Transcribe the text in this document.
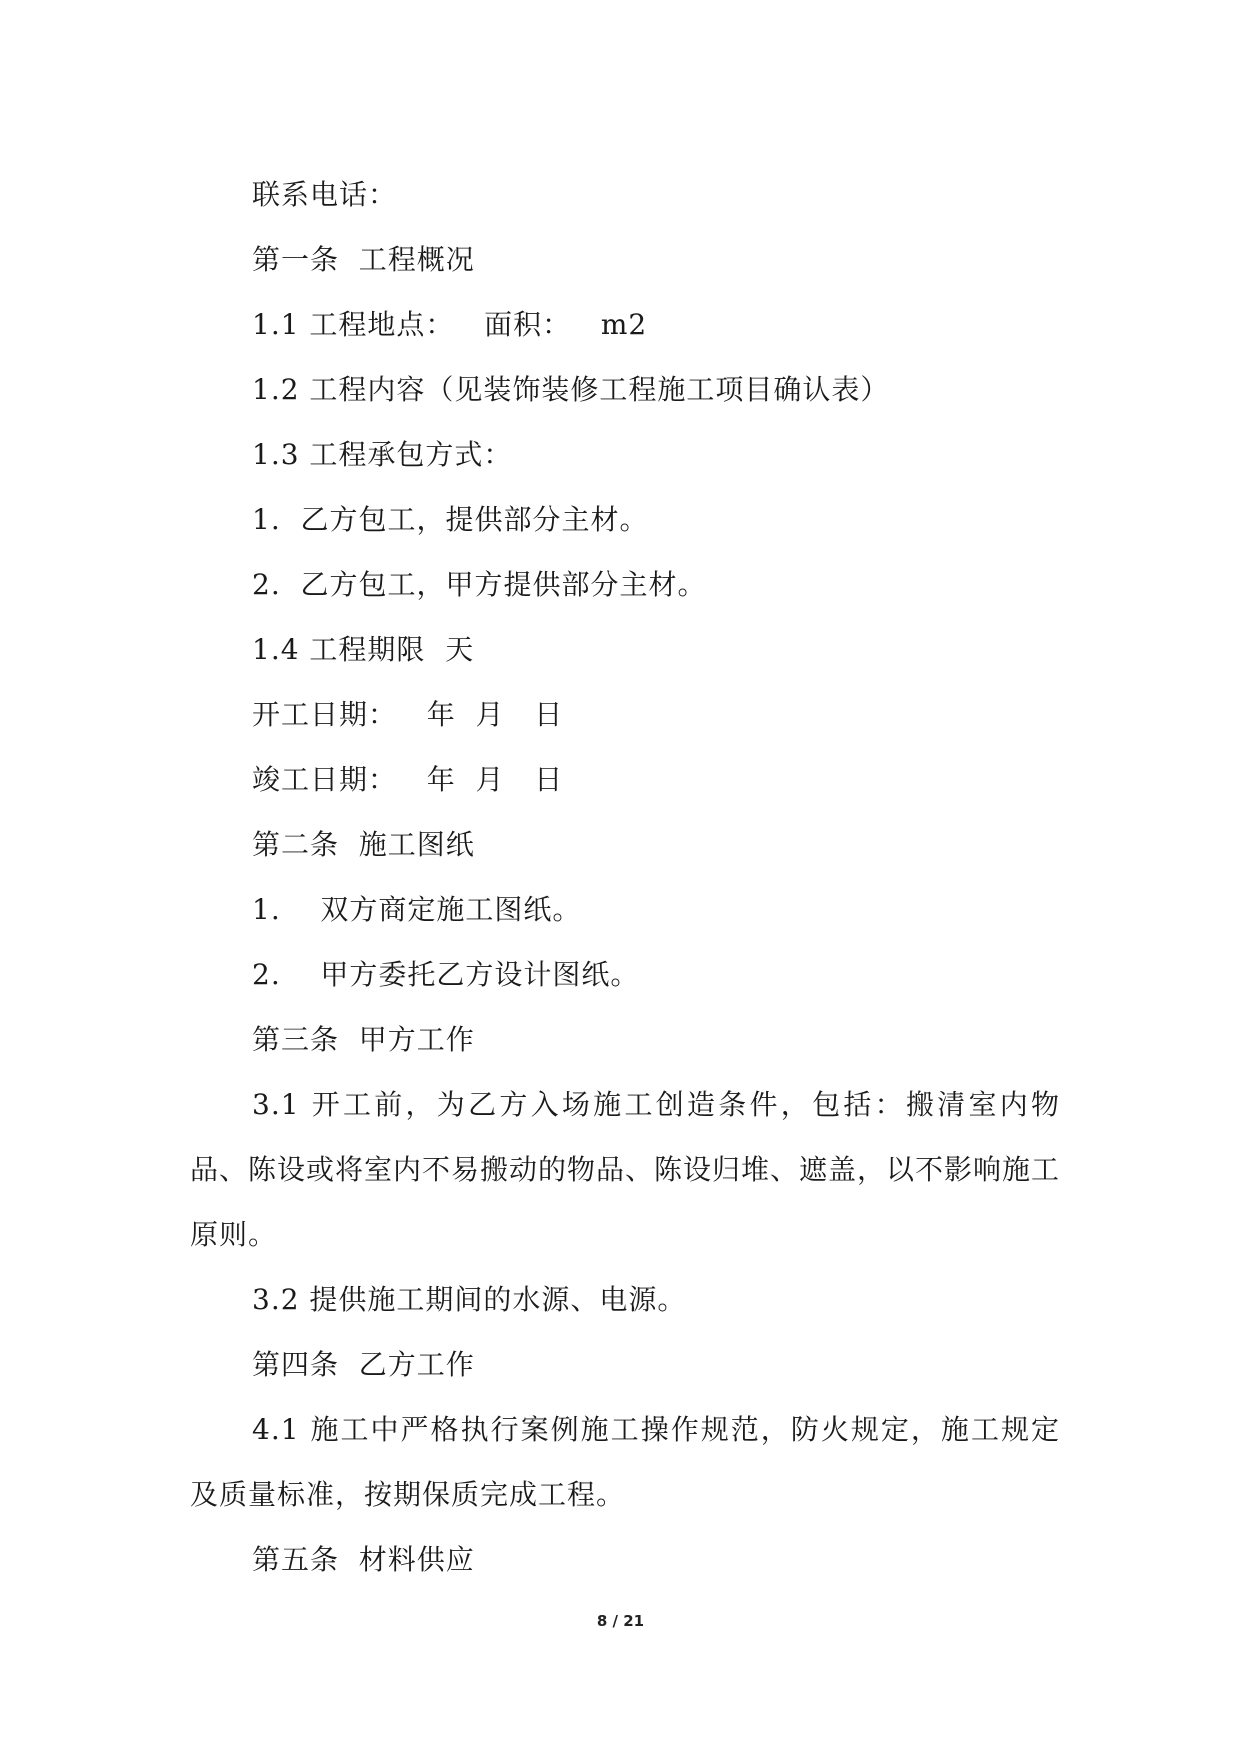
联系电话：
第一条  工程概况
1.1 工程地点：   面积：   m2
1.2 工程内容（见装饰装修工程施工项目确认表）
1.3 工程承包方式：
1.  乙方包工，提供部分主材。
2.  乙方包工，甲方提供部分主材。
1.4 工程期限  天
开工日期：   年  月   日
竣工日期：   年  月   日
第二条  施工图纸
1.    双方商定施工图纸。
2.    甲方委托乙方设计图纸。
第三条  甲方工作
3.1 开工前，为乙方入场施工创造条件，包括：搬清室内物品、陈设或将室内不易搬动的物品、陈设归堆、遮盖，以不影响施工原则。
3.2 提供施工期间的水源、电源。
第四条  乙方工作
4.1 施工中严格执行案例施工操作规范，防火规定，施工规定及质量标准，按期保质完成工程。
第五条  材料供应
8 / 21
